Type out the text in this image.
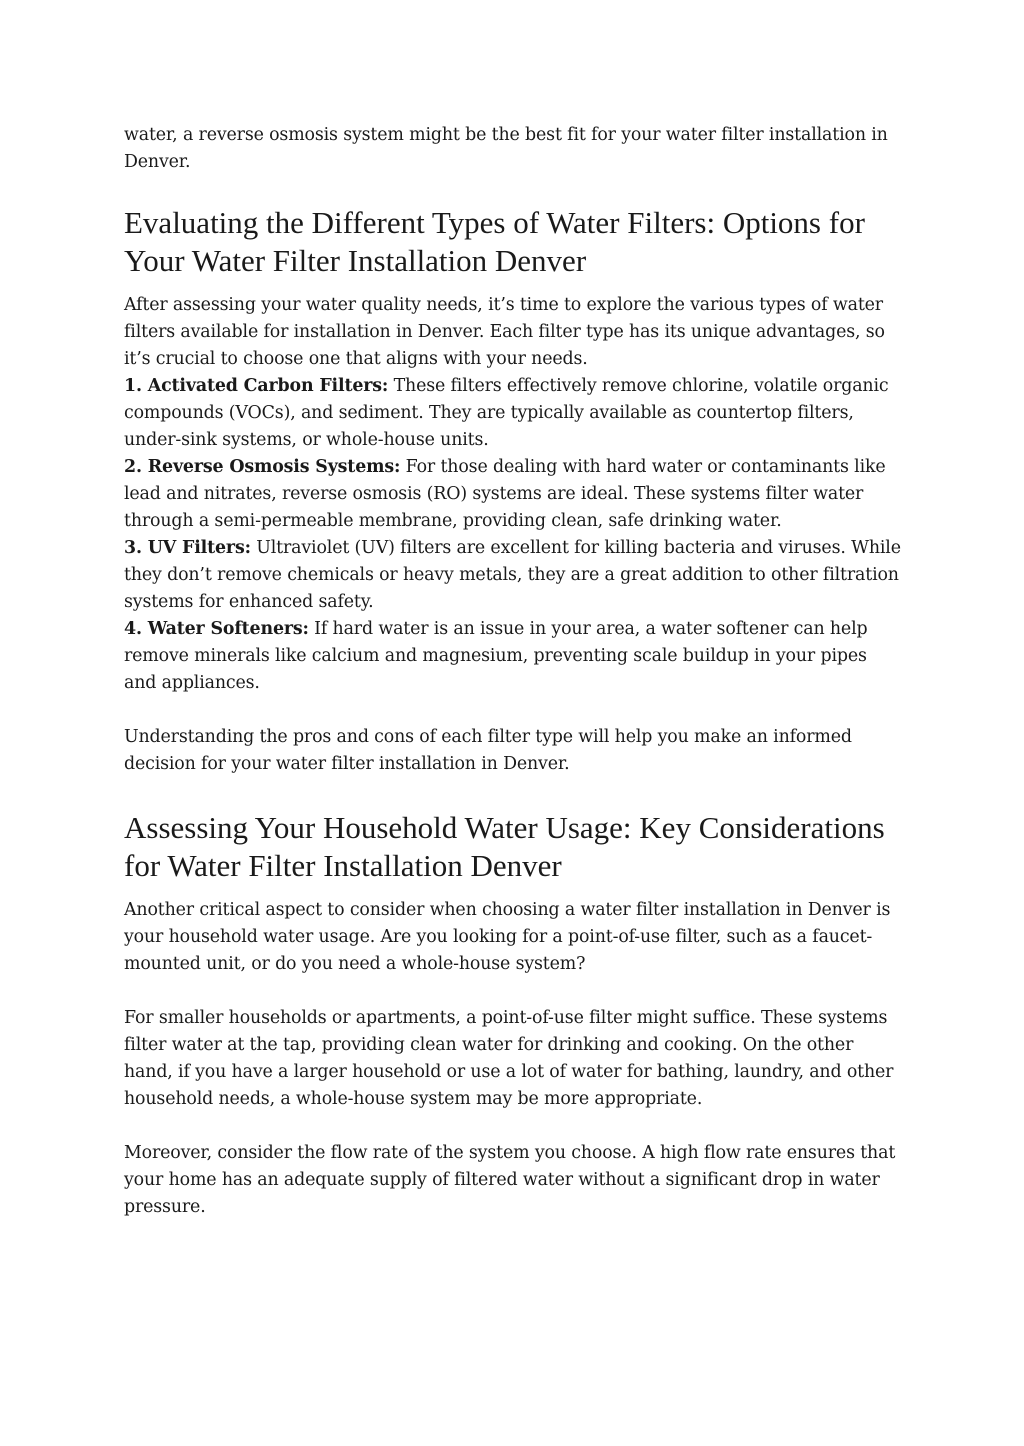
water, a reverse osmosis system might be the best fit for your water filter installation in Denver.

Evaluating the Different Types of Water Filters: Options for Your Water Filter Installation Denver

After assessing your water quality needs, it’s time to explore the various types of water filters available for installation in Denver. Each filter type has its unique advantages, so it’s crucial to choose one that aligns with your needs.

1. Activated Carbon Filters: These filters effectively remove chlorine, volatile organic compounds (VOCs), and sediment. They are typically available as countertop filters, under-sink systems, or whole-house units.

2. Reverse Osmosis Systems: For those dealing with hard water or contaminants like lead and nitrates, reverse osmosis (RO) systems are ideal. These systems filter water through a semi-permeable membrane, providing clean, safe drinking water.

3. UV Filters: Ultraviolet (UV) filters are excellent for killing bacteria and viruses. While they don’t remove chemicals or heavy metals, they are a great addition to other filtration systems for enhanced safety.

4. Water Softeners: If hard water is an issue in your area, a water softener can help remove minerals like calcium and magnesium, preventing scale buildup in your pipes and appliances.

Understanding the pros and cons of each filter type will help you make an informed decision for your water filter installation in Denver.

Assessing Your Household Water Usage: Key Considerations for Water Filter Installation Denver

Another critical aspect to consider when choosing a water filter installation in Denver is your household water usage. Are you looking for a point-of-use filter, such as a faucet-mounted unit, or do you need a whole-house system?

For smaller households or apartments, a point-of-use filter might suffice. These systems filter water at the tap, providing clean water for drinking and cooking. On the other hand, if you have a larger household or use a lot of water for bathing, laundry, and other household needs, a whole-house system may be more appropriate.

Moreover, consider the flow rate of the system you choose. A high flow rate ensures that your home has an adequate supply of filtered water without a significant drop in water pressure.
